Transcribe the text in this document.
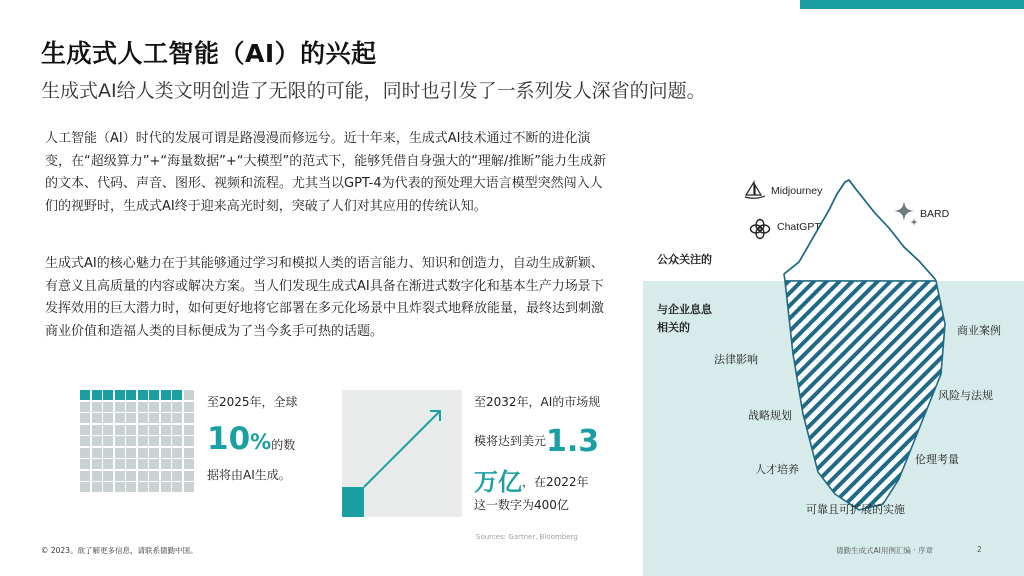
生成式人工智能（AI）的兴起
生成式AI给人类文明创造了无限的可能，同时也引发了一系列发人深省的问题。

人工智能（AI）时代的发展可谓是路漫漫而修远兮。近十年来，生成式AI技术通过不断的进化演变，在“超级算力”+“海量数据”+“大模型”的范式下，能够凭借自身强大的“理解/推断”能力生成新的文本、代码、声音、图形、视频和流程。尤其当以GPT-4为代表的预处理大语言模型突然闯入人们的视野时，生成式AI终于迎来高光时刻，突破了人们对其应用的传统认知。

生成式AI的核心魅力在于其能够通过学习和模拟人类的语言能力、知识和创造力，自动生成新颖、有意义且高质量的内容或解决方案。当人们发现生成式AI具备在渐进式数字化和基本生产力场景下发挥效用的巨大潜力时，如何更好地将它部署在多元化场景中且炸裂式地释放能量，最终达到刺激商业价值和造福人类的目标便成为了当今炙手可热的话题。

至2025年，全球
10%的数
据将由AI生成。
至2032年，AI的市场规
模将达到美元1.3
万亿，在2022年
这一数字为400亿
Sources: Gartner, Bloomberg
Midjourney
ChatGPT
BARD
公众关注的
与企业息息
相关的	商业案例
法律影响
风险与法规
战略规划
伦理考量
人才培养
可靠且可扩展的实施
© 2023。欲了解更多信息，请联系德勤中国。	德勤生成式AI用例汇编 · 序章	2
